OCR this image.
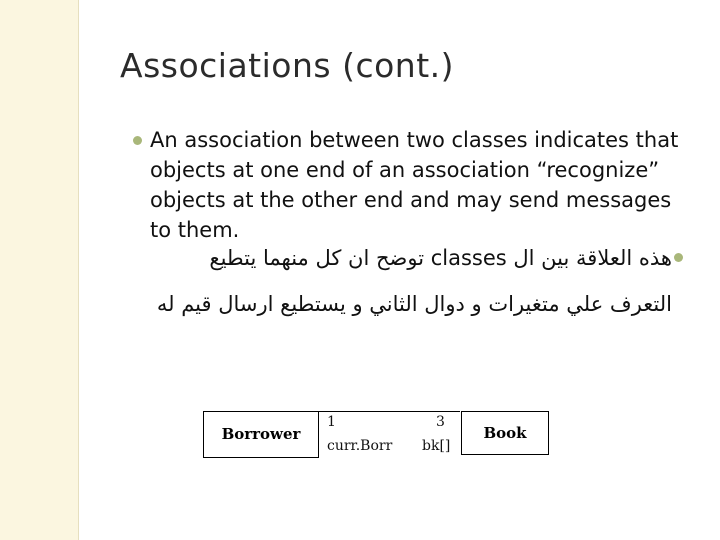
Associations (cont.)
An association between two classes indicates that objects at one end of an association “recognize” objects at the other end and may send messages to them.
هذه العلاقة بين ال classes توضح ان كل منهما يتطيع
التعرف علي متغيرات و دوال الثاني و يستطيع ارسال قيم له
Borrower	Book
1	3
curr.Borr bk[]
